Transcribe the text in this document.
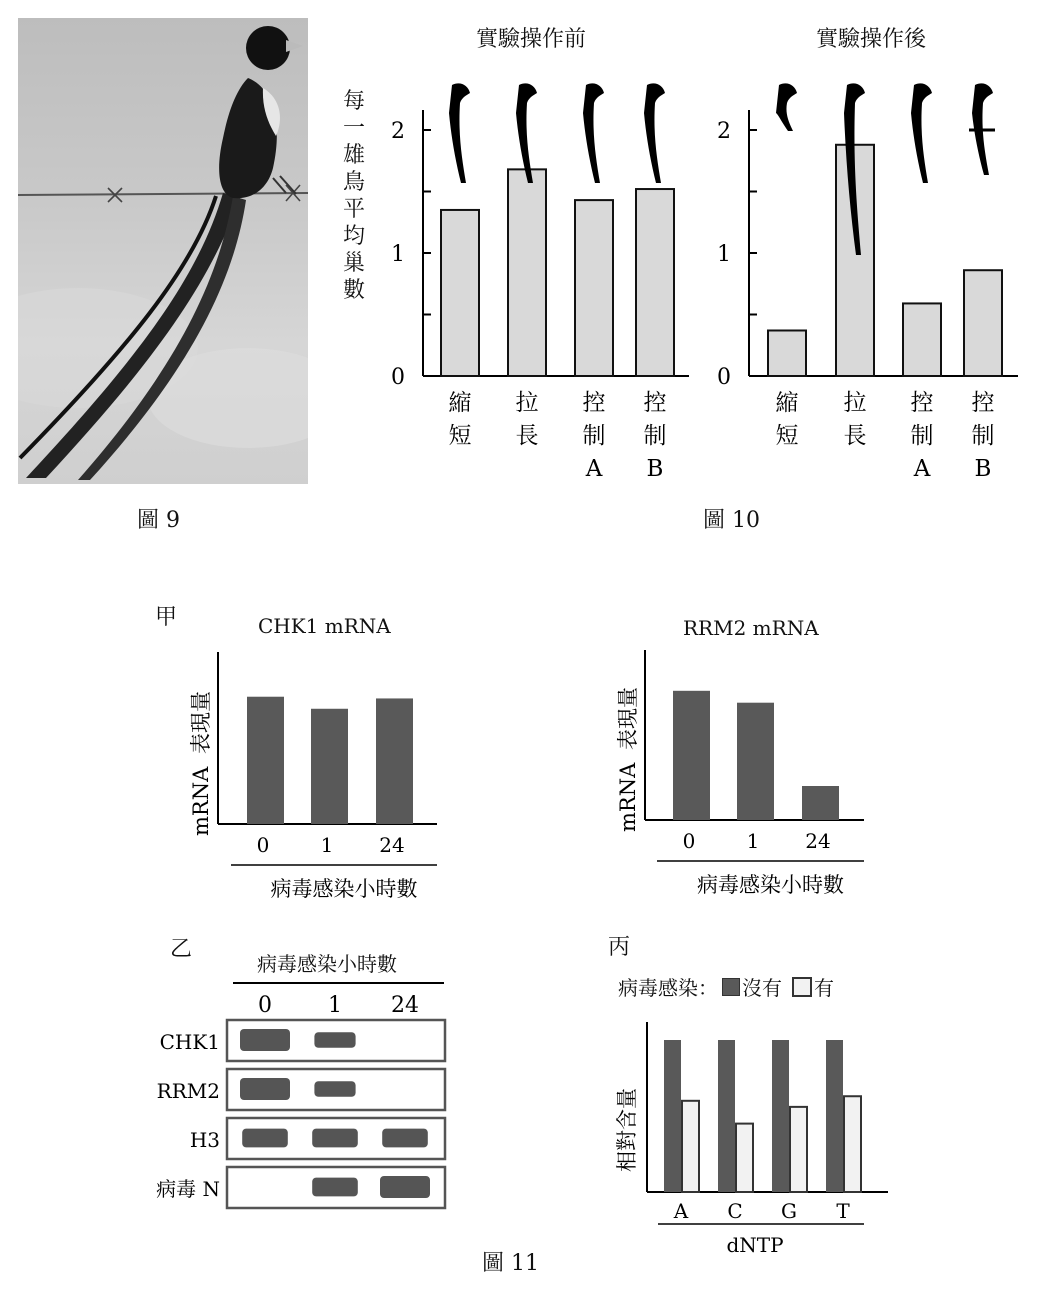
圖 9
實驗操作前	實驗操作後
每
一
雄
鳥
平
均
巢
數
0
1
2
縮
短
拉
長
控
制
A
控
制
B
0
1
2
縮
短
拉
長
控
制
A
控
制
B
圖 10
甲	CHK1 mRNA	RRM2 mRNA
0	1 24
病毒感染小時數
mRNA
表現量
0	1 24
病毒感染小時數
mRNA
表現量
0	1 24
CHK1
RRM2
H3
病毒 N
A C G T
dNTP
相對含量
乙	丙
病毒感染小時數
病毒感染： 沒有 有
圖 11
